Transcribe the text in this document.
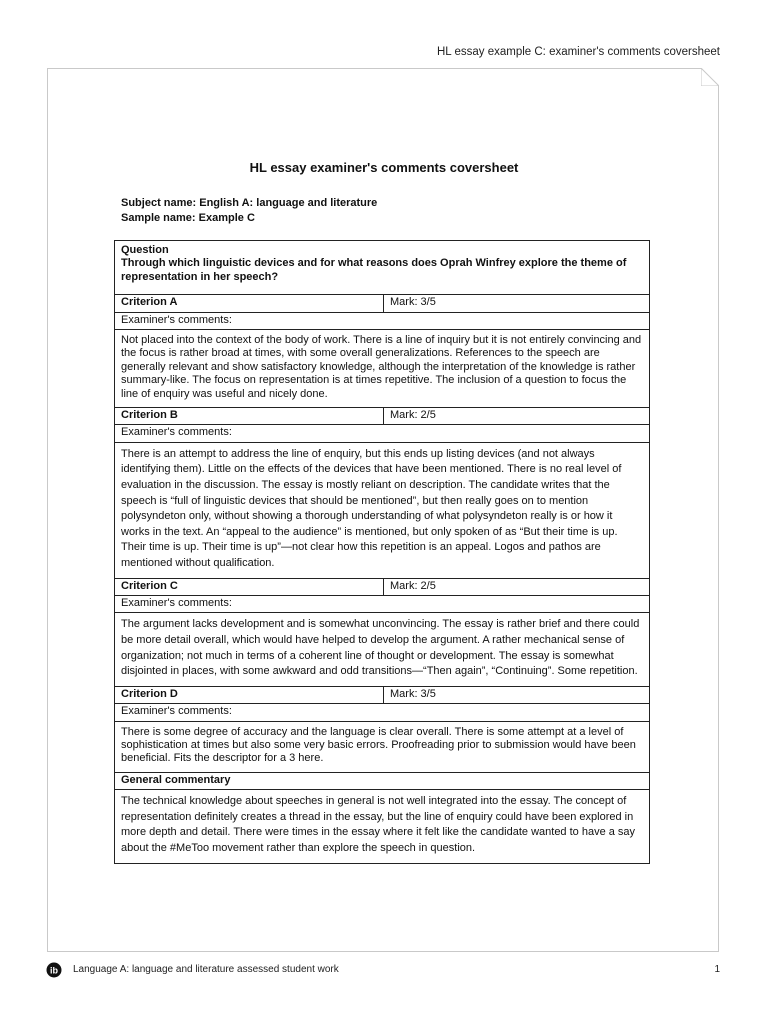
HL essay example C: examiner's comments coversheet
HL essay examiner's comments coversheet
Subject name: English A: language and literature
Sample name: Example C
Question
Through which linguistic devices and for what reasons does Oprah Winfrey explore the theme of representation in her speech?	

Criterion A	Mark: 3/5
Examiner's comments:	
Not placed into the context of the body of work. There is a line of inquiry but it is not entirely convincing and the focus is rather broad at times, with some overall generalizations. References to the speech are generally relevant and show satisfactory knowledge, although the interpretation of the knowledge is rather summary-like. The focus on representation is at times repetitive. The inclusion of a question to focus the line of enquiry was useful and nicely done.	
Criterion B	Mark: 2/5
Examiner's comments:	
There is an attempt to address the line of enquiry, but this ends up listing devices (and not always identifying them). Little on the effects of the devices that have been mentioned. There is no real level of evaluation in the discussion. The essay is mostly reliant on description. The candidate writes that the speech is “full of linguistic devices that should be mentioned”, but then really goes on to mention polysyndeton only, without showing a thorough understanding of what polysyndeton really is or how it works in the text. An “appeal to the audience” is mentioned, but only spoken of as “But their time is up. Their time is up. Their time is up”—not clear how this repetition is an appeal. Logos and pathos are mentioned without qualification.	
Criterion C	Mark: 2/5
Examiner's comments:	
The argument lacks development and is somewhat unconvincing. The essay is rather brief and there could be more detail overall, which would have helped to develop the argument. A rather mechanical sense of organization; not much in terms of a coherent line of thought or development. The essay is somewhat disjointed in places, with some awkward and odd transitions—“Then again”, “Continuing”. Some repetition.	
Criterion D	Mark: 3/5
Examiner's comments:	
There is some degree of accuracy and the language is clear overall. There is some attempt at a level of sophistication at times but also some very basic errors. Proofreading prior to submission would have been beneficial. Fits the descriptor for a 3 here.	
General commentary	
The technical knowledge about speeches in general is not well integrated into the essay. The concept of representation definitely creates a thread in the essay, but the line of enquiry could have been explored in more depth and detail. There were times in the essay where it felt like the candidate wanted to have a say about the #MeToo movement rather than explore the speech in question.	
ib Language A: language and literature assessed student work	1
